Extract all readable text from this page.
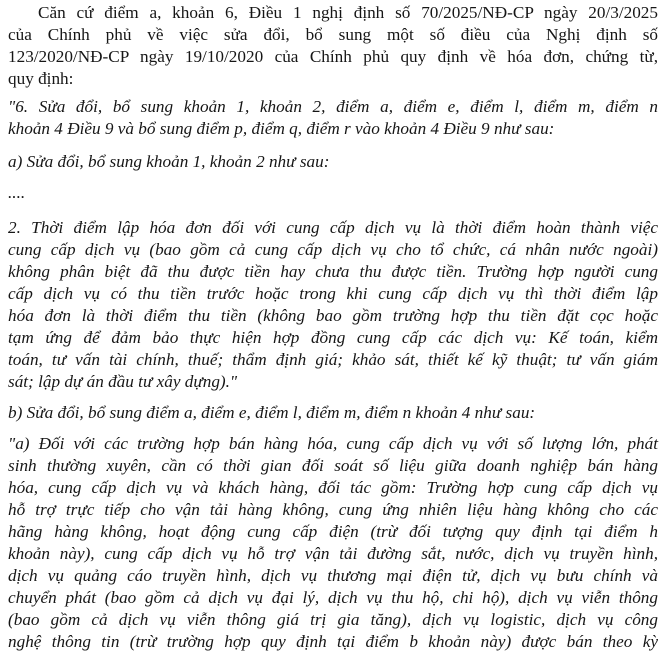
Căn cứ điểm a, khoản 6, Điều 1 nghị định số 70/2025/NĐ-CP ngày 20/3/2025
của Chính phủ về việc sửa đổi, bổ sung một số điều của Nghị định số
123/2020/NĐ-CP ngày 19/10/2020 của Chính phủ quy định về hóa đơn, chứng từ,
quy định:
"6. Sửa đổi, bổ sung khoản 1, khoản 2, điểm a, điểm e, điểm l, điểm m, điểm n
khoản 4 Điều 9 và bổ sung điểm p, điểm q, điểm r vào khoản 4 Điều 9 như sau:
a) Sửa đổi, bổ sung khoản 1, khoản 2 như sau:
....
2. Thời điểm lập hóa đơn đối với cung cấp dịch vụ là thời điểm hoàn thành việc
cung cấp dịch vụ (bao gồm cả cung cấp dịch vụ cho tổ chức, cá nhân nước ngoài)
không phân biệt đã thu được tiền hay chưa thu được tiền. Trường hợp người cung
cấp dịch vụ có thu tiền trước hoặc trong khi cung cấp dịch vụ thì thời điểm lập
hóa đơn là thời điểm thu tiền (không bao gồm trường hợp thu tiền đặt cọc hoặc
tạm ứng để đảm bảo thực hiện hợp đồng cung cấp các dịch vụ: Kế toán, kiểm
toán, tư vấn tài chính, thuế; thẩm định giá; khảo sát, thiết kế kỹ thuật; tư vấn giám
sát; lập dự án đầu tư xây dựng)."
b) Sửa đổi, bổ sung điểm a, điểm e, điểm l, điểm m, điểm n khoản 4 như sau:
"a) Đối với các trường hợp bán hàng hóa, cung cấp dịch vụ với số lượng lớn, phát
sinh thường xuyên, cần có thời gian đối soát số liệu giữa doanh nghiệp bán hàng
hóa, cung cấp dịch vụ và khách hàng, đối tác gồm: Trường hợp cung cấp dịch vụ
hỗ trợ trực tiếp cho vận tải hàng không, cung ứng nhiên liệu hàng không cho các
hãng hàng không, hoạt động cung cấp điện (trừ đối tượng quy định tại điểm h
khoản này), cung cấp dịch vụ hỗ trợ vận tải đường sắt, nước, dịch vụ truyền hình,
dịch vụ quảng cáo truyền hình, dịch vụ thương mại điện tử, dịch vụ bưu chính và
chuyển phát (bao gồm cả dịch vụ đại lý, dịch vụ thu hộ, chi hộ), dịch vụ viễn thông
(bao gồm cả dịch vụ viễn thông giá trị gia tăng), dịch vụ logistic, dịch vụ công
nghệ thông tin (trừ trường hợp quy định tại điểm b khoản này) được bán theo kỳ
